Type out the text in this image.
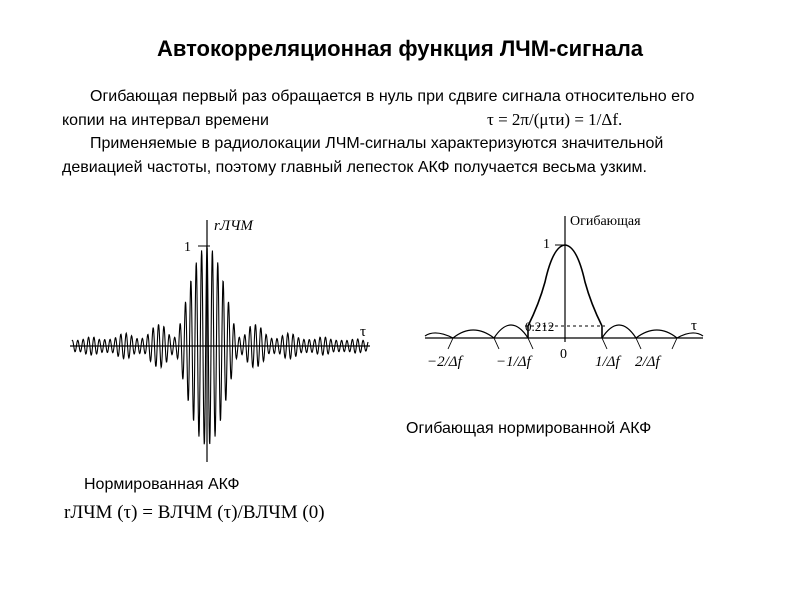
Автокорреляционная функция ЛЧМ-сигнала
Огибающая первый раз обращается в нуль при сдвиге сигнала относительно его копии на интервал времени	τ = 2π/(μτи) = 1/Δf.
Применяемые в радиолокации ЛЧМ-сигналы характеризуются значительной девиацией частоты, поэтому главный лепесток АКФ получается весьма узким.
rЛЧМ
τ
1
Огибающая
τ
1
0.212
−2/Δf −1/Δf 0 1/Δf 2/Δf
Огибающая нормированной АКФ
Нормированная АКФ
rЛЧМ (τ) = BЛЧМ (τ)/BЛЧМ (0)
